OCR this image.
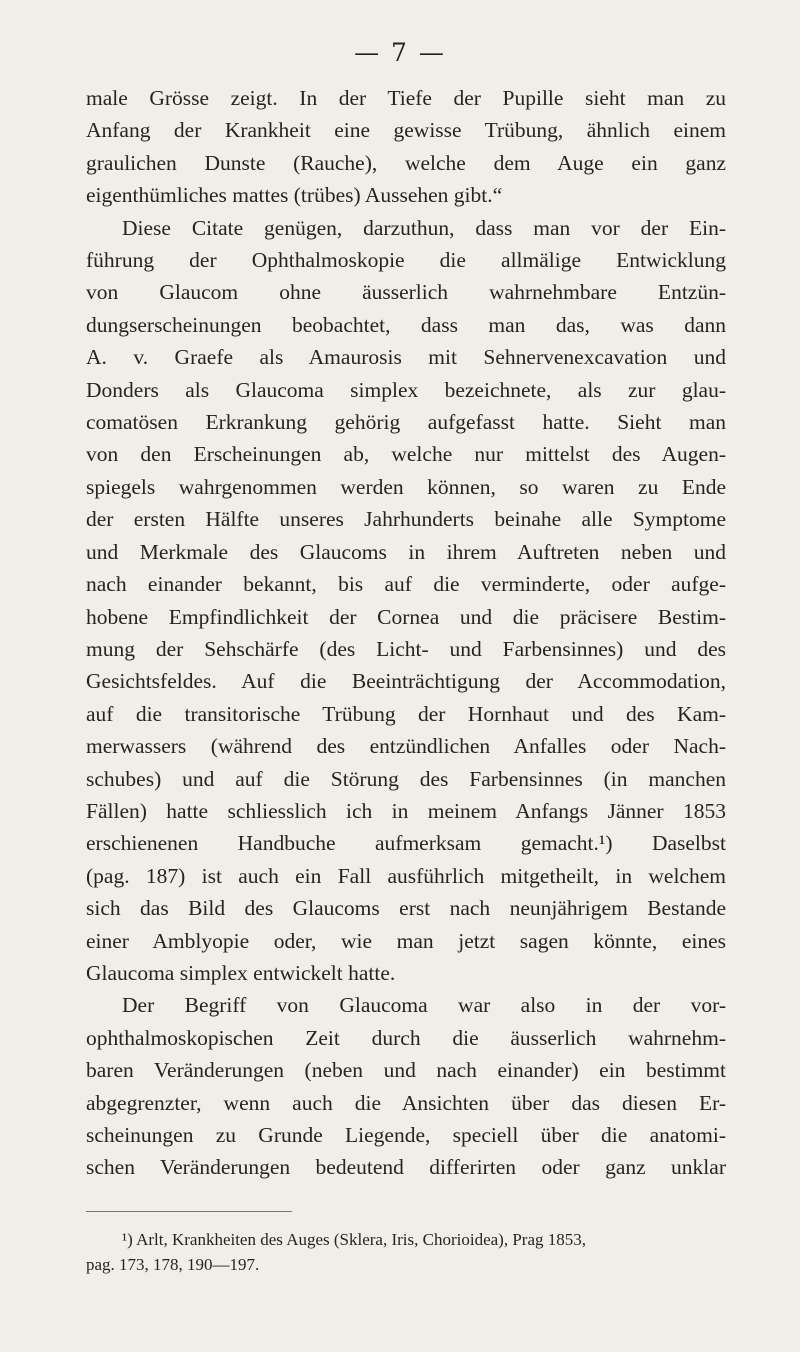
— 7 —
male Grösse zeigt. In der Tiefe der Pupille sieht man zu
Anfang der Krankheit eine gewisse Trübung, ähnlich einem
graulichen Dunste (Rauche), welche dem Auge ein ganz
eigenthümliches mattes (trübes) Aussehen gibt.“
Diese Citate genügen, darzuthun, dass man vor der Ein-
führung der Ophthalmoskopie die allmälige Entwicklung
von Glaucom ohne äusserlich wahrnehmbare Entzün-
dungserscheinungen beobachtet, dass man das, was dann
A. v. Graefe als Amaurosis mit Sehnervenexcavation und
Donders als Glaucoma simplex bezeichnete, als zur glau-
comatösen Erkrankung gehörig aufgefasst hatte. Sieht man
von den Erscheinungen ab, welche nur mittelst des Augen-
spiegels wahrgenommen werden können, so waren zu Ende
der ersten Hälfte unseres Jahrhunderts beinahe alle Symptome
und Merkmale des Glaucoms in ihrem Auftreten neben und
nach einander bekannt, bis auf die verminderte, oder aufge-
hobene Empfindlichkeit der Cornea und die präcisere Bestim-
mung der Sehschärfe (des Licht- und Farbensinnes) und des
Gesichtsfeldes. Auf die Beeinträchtigung der Accommodation,
auf die transitorische Trübung der Hornhaut und des Kam-
merwassers (während des entzündlichen Anfalles oder Nach-
schubes) und auf die Störung des Farbensinnes (in manchen
Fällen) hatte schliesslich ich in meinem Anfangs Jänner 1853
erschienenen Handbuche aufmerksam gemacht.¹) Daselbst
(pag. 187) ist auch ein Fall ausführlich mitgetheilt, in welchem
sich das Bild des Glaucoms erst nach neunjährigem Bestande
einer Amblyopie oder, wie man jetzt sagen könnte, eines
Glaucoma simplex entwickelt hatte.
Der Begriff von Glaucoma war also in der vor-
ophthalmoskopischen Zeit durch die äusserlich wahrnehm-
baren Veränderungen (neben und nach einander) ein bestimmt
abgegrenzter, wenn auch die Ansichten über das diesen Er-
scheinungen zu Grunde Liegende, speciell über die anatomi-
schen Veränderungen bedeutend differirten oder ganz unklar
¹) Arlt, Krankheiten des Auges (Sklera, Iris, Chorioidea), Prag 1853,
pag. 173, 178, 190—197.
